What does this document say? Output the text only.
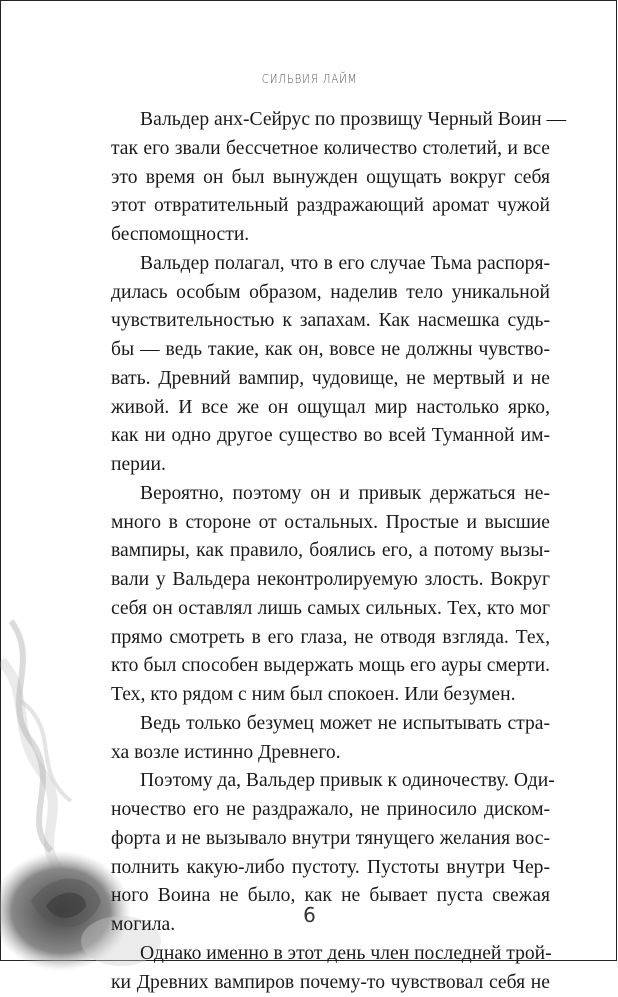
СИЛЬВИЯ ЛАЙМ
Вальдер анх-Сейрус по прозвищу Черный Воин —
так его звали бессчетное количество столетий, и все
это время он был вынужден ощущать вокруг себя
этот отвратительный раздражающий аромат чужой
беспомощности.
Вальдер полагал, что в его случае Тьма распоря-
дилась особым образом, наделив тело уникальной
чувствительностью к запахам. Как насмешка судь-
бы — ведь такие, как он, вовсе не должны чувство-
вать. Древний вампир, чудовище, не мертвый и не
живой. И все же он ощущал мир настолько ярко,
как ни одно другое существо во всей Туманной им-
перии.
Вероятно, поэтому он и привык держаться не-
много в стороне от остальных. Простые и высшие
вампиры, как правило, боялись его, а потому вызы-
вали у Вальдера неконтролируемую злость. Вокруг
себя он оставлял лишь самых сильных. Тех, кто мог
прямо смотреть в его глаза, не отводя взгляда. Тех,
кто был способен выдержать мощь его ауры смерти.
Тех, кто рядом с ним был спокоен. Или безумен.
Ведь только безумец может не испытывать стра-
ха возле истинно Древнего.
Поэтому да, Вальдер привык к одиночеству. Оди-
ночество его не раздражало, не приносило диском-
форта и не вызывало внутри тянущего желания вос-
полнить какую-либо пустоту. Пустоты внутри Чер-
ного Воина не было, как не бывает пуста свежая
могила.
Однако именно в этот день член последней трой-
ки Древних вампиров почему-то чувствовал себя не
6
